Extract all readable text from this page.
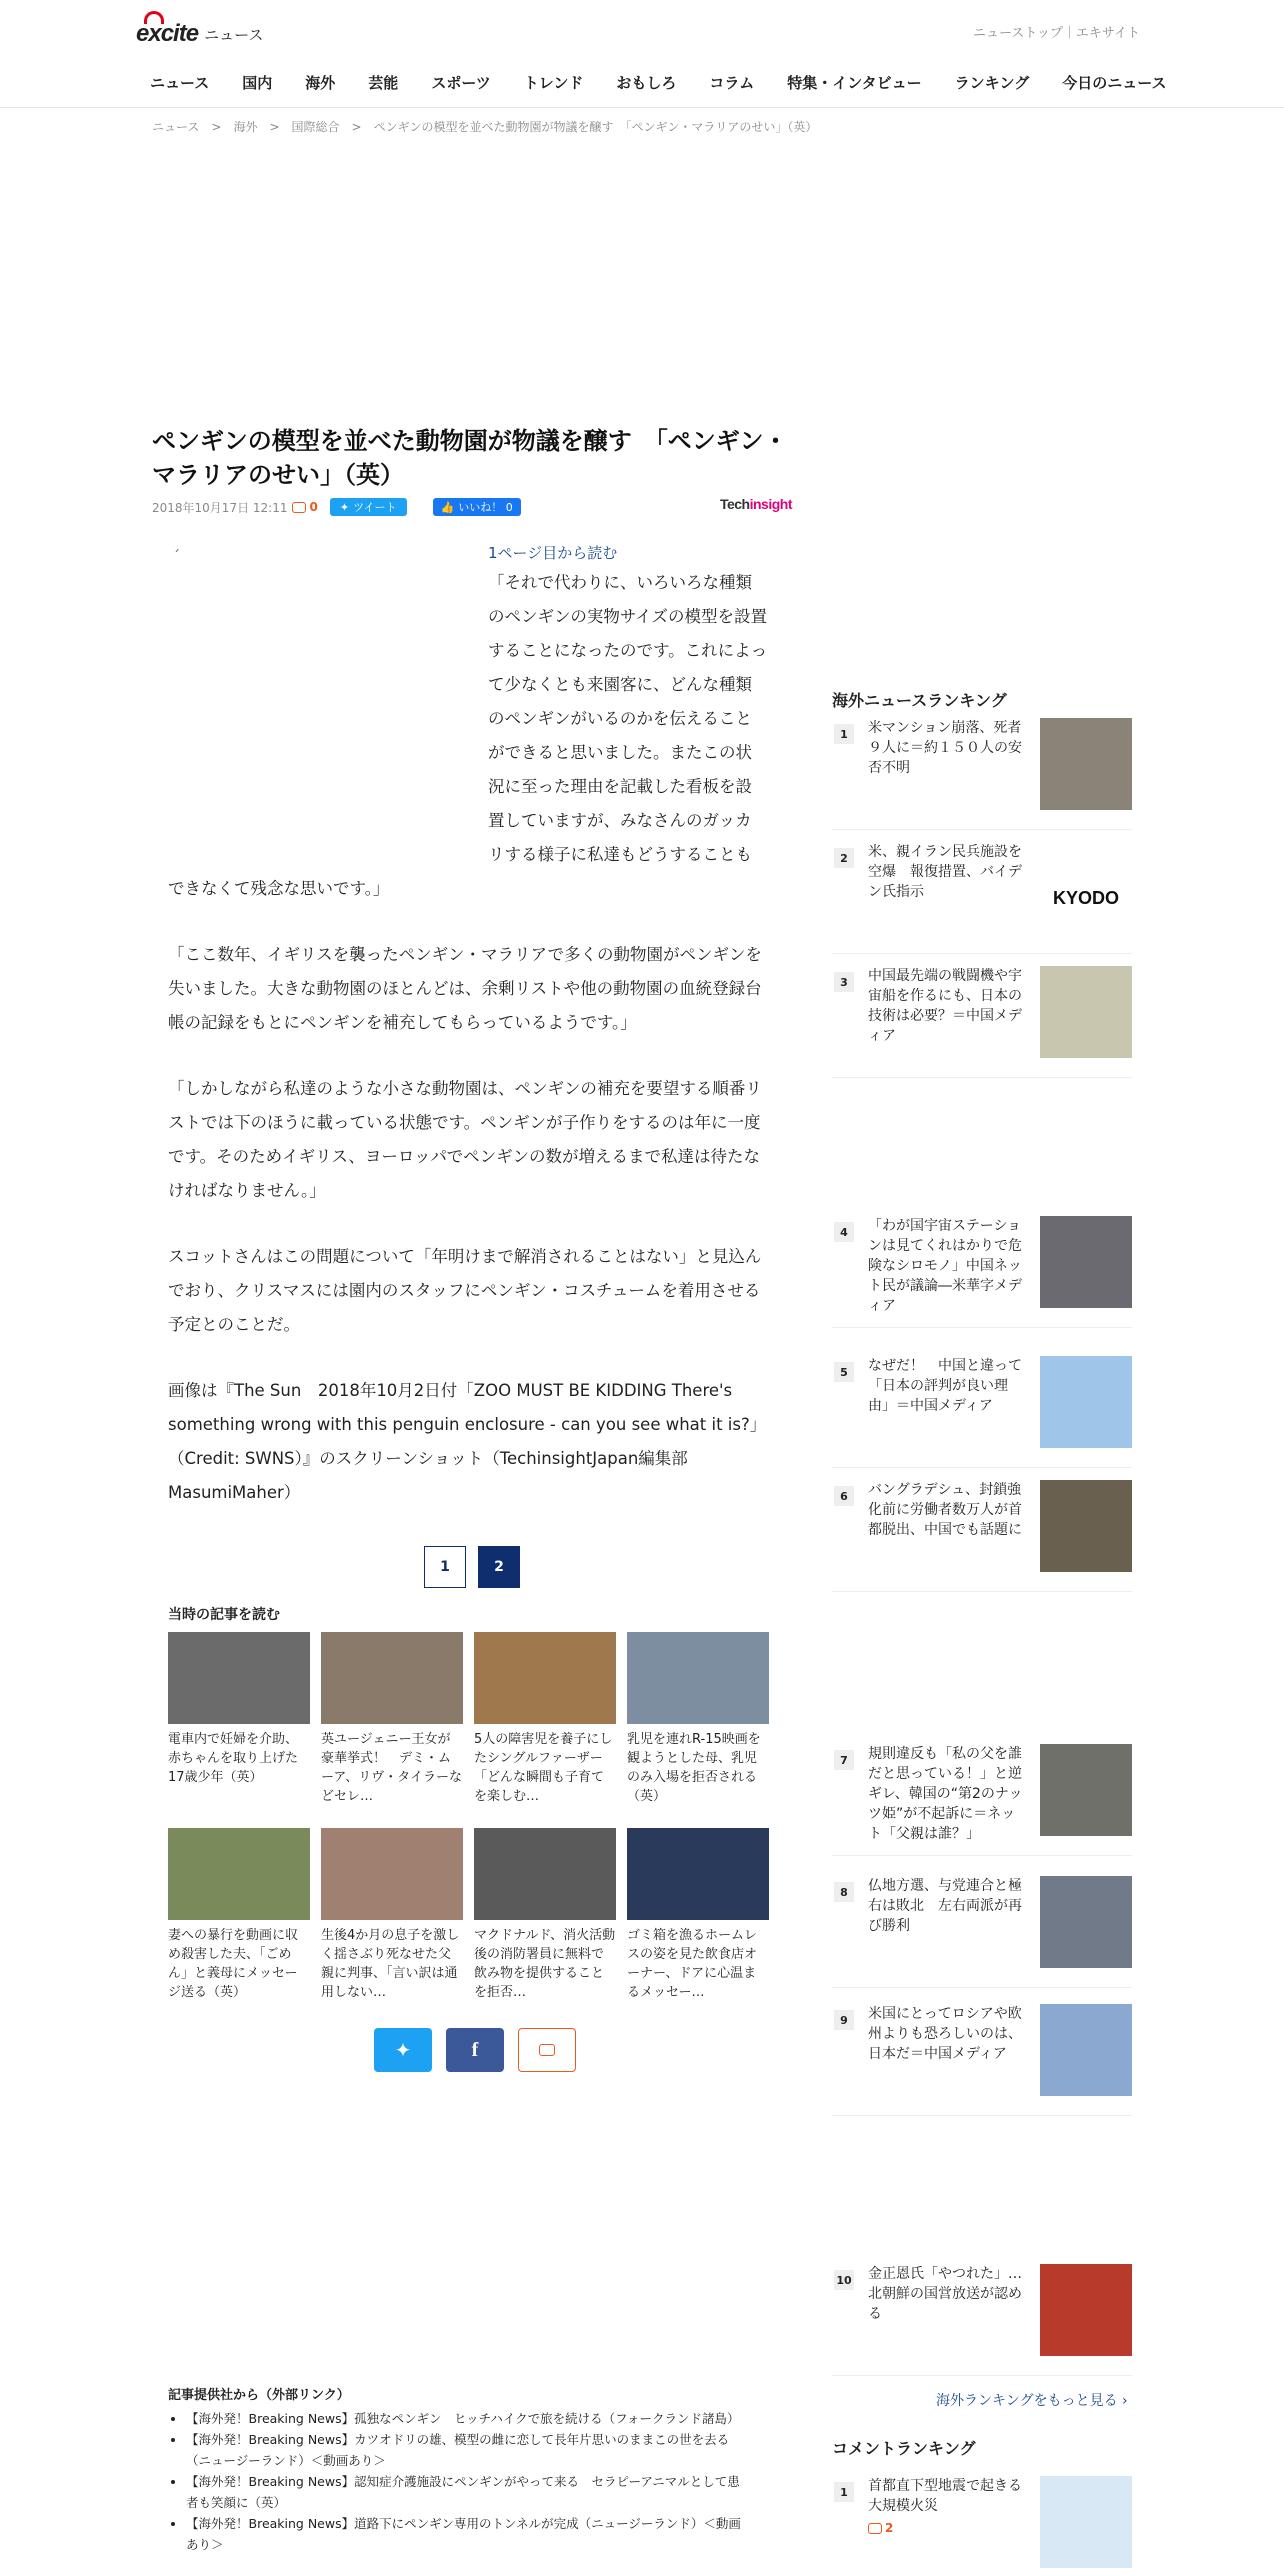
excite ニュース	ニューストップ｜エキサイト
ニュース 国内 海外 芸能 スポーツ トレンド おもしろ コラム 特集・インタビュー ランキング 今日のニュース
ニュース　>　海外　>　国際総合　>　ペンギンの模型を並べた動物園が物議を醸す　「ペンギン・マラリアのせい」（英）
ペンギンの模型を並べた動物園が物議を醸す　「ペンギン・マラリアのせい」（英）
2018年10月17日 12:11 0 ✦ ツイート	👍 いいね！ 0	Techinsight
´	1ページ目から読む

「それで代わりに、いろいろな種類のペンギンの実物サイズの模型を設置することになったのです。これによって少なくとも来園客に、どんな種類のペンギンがいるのかを伝えることができると思いました。またこの状況に至った理由を記載した看板を設置していますが、みなさんのガッカリする様子に私達もどうすることもできなくて残念な思いです。」

「ここ数年、イギリスを襲ったペンギン・マラリアで多くの動物園がペンギンを失いました。大きな動物園のほとんどは、余剰リストや他の動物園の血統登録台帳の記録をもとにペンギンを補充してもらっているようです。」

「しかしながら私達のような小さな動物園は、ペンギンの補充を要望する順番リストでは下のほうに載っている状態です。ペンギンが子作りをするのは年に一度です。そのためイギリス、ヨーロッパでペンギンの数が増えるまで私達は待たなければなりません。」

スコットさんはこの問題について「年明けまで解消されることはない」と見込んでおり、クリスマスには園内のスタッフにペンギン・コスチュームを着用させる予定とのことだ。

画像は『The Sun　2018年10月2日付「ZOO MUST BE KIDDING There's something wrong with this penguin enclosure - can you see what it is?」（Credit: SWNS）』のスクリーンショット（TechinsightJapan編集部 MasumiMaher）

1	2
当時の記事を読む
電車内で妊婦を介助、赤ちゃんを取り上げた17歳少年（英）
英ユージェニー王女が豪華挙式！　デミ・ムーア、リヴ・タイラーなどセレ…
5人の障害児を養子にしたシングルファーザー「どんな瞬間も子育てを楽しむ…
乳児を連れR-15映画を観ようとした母、乳児のみ入場を拒否される（英）
妻への暴行を動画に収め殺害した夫、「ごめん」と義母にメッセージ送る（英）
生後4か月の息子を激しく揺さぶり死なせた父親に判事、「言い訳は通用しない…
マクドナルド、消火活動後の消防署員に無料で飲み物を提供することを拒否…
ゴミ箱を漁るホームレスの姿を見た飲食店オーナー、ドアに心温まるメッセー…
✦	f
記事提供社から（外部リンク）
• 【海外発！Breaking News】孤独なペンギン　ヒッチハイクで旅を続ける（フォークランド諸島）
• 【海外発！Breaking News】カツオドリの雄、模型の雌に恋して長年片思いのままこの世を去る（ニュージーランド）＜動画あり＞
• 【海外発！Breaking News】認知症介護施設にペンギンがやって来る　セラピーアニマルとして患者も笑顔に（英）
• 【海外発！Breaking News】道路下にペンギン専用のトンネルが完成（ニュージーランド）＜動画あり＞
海外ニュースランキング
1	米マンション崩落、死者９人に＝約１５０人の安否不明
2	米、親イラン民兵施設を空爆　報復措置、バイデン氏指示	KYODO
3	中国最先端の戦闘機や宇宙船を作るにも、日本の技術は必要？＝中国メディア
4	「わが国宇宙ステーションは見てくれはかりで危険なシロモノ」中国ネット民が議論―米華字メディア
5	なぜだ！　中国と違って「日本の評判が良い理由」＝中国メディア
6	バングラデシュ、封鎖強化前に労働者数万人が首都脱出、中国でも話題に
7	規則違反も「私の父を誰だと思っている！」と逆ギレ、韓国の“第2のナッツ姫”が不起訴に＝ネット「父親は誰？」
8	仏地方選、与党連合と極右は敗北　左右両派が再び勝利
9	米国にとってロシアや欧州よりも恐ろしいのは、日本だ＝中国メディア
10 金正恩氏「やつれた」…北朝鮮の国営放送が認める
海外ランキングをもっと見る ›
コメントランキング
1	首都直下型地震で起きる大規模火災
2
